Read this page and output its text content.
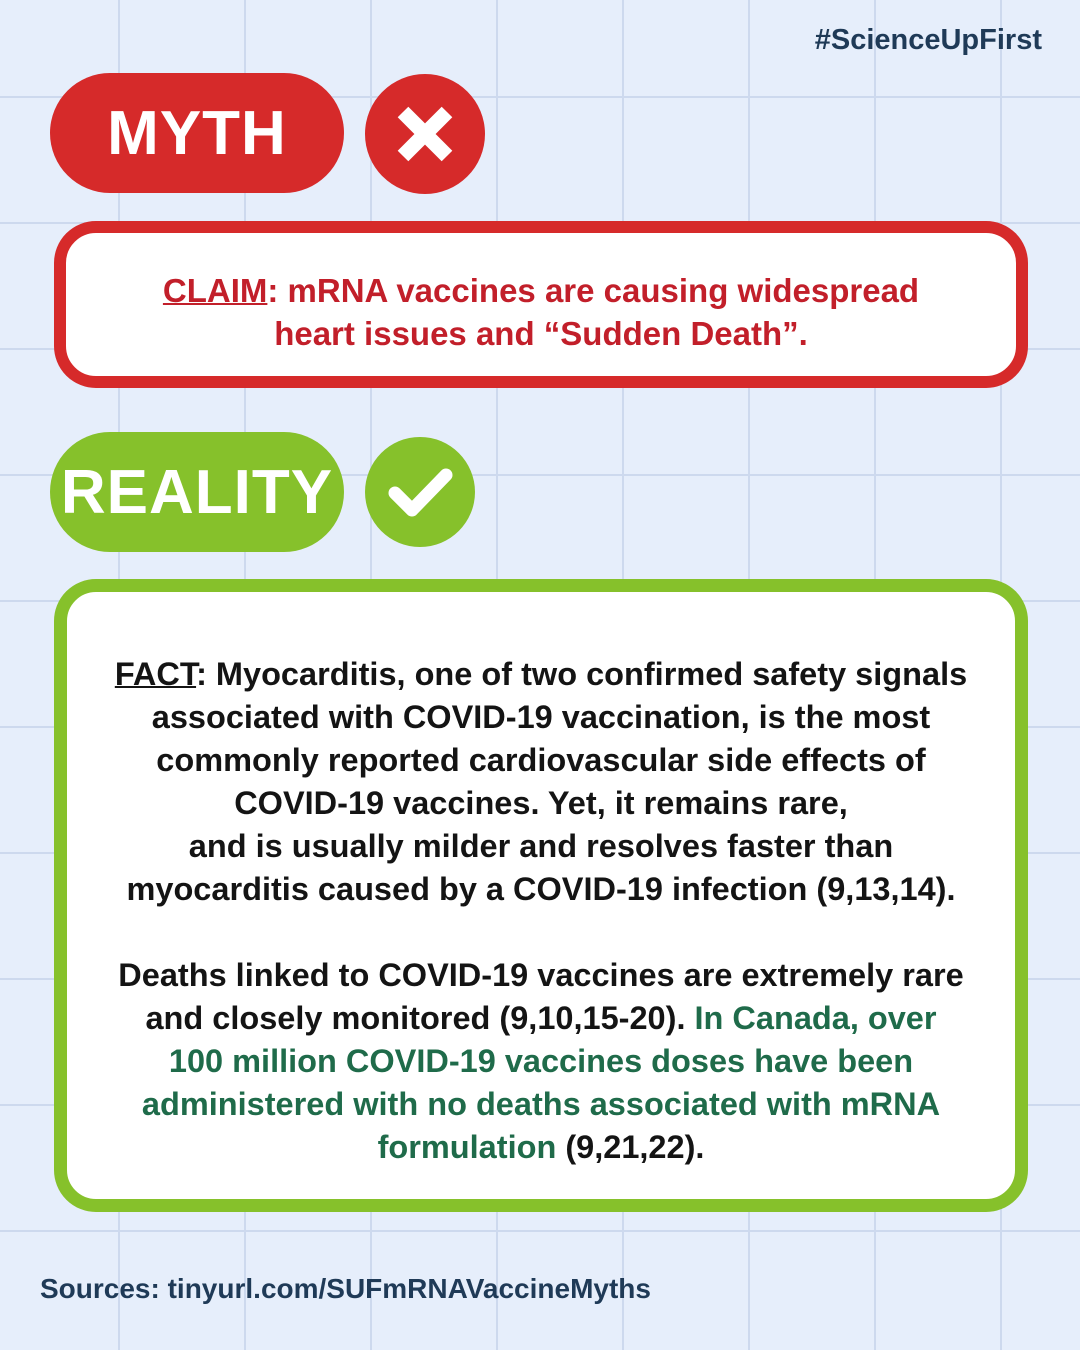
#ScienceUpFirst
MYTH
CLAIM: mRNA vaccines are causing widespread
heart issues and “Sudden Death”.
REALITY
FACT: Myocarditis, one of two confirmed safety signals
associated with COVID-19 vaccination, is the most
commonly reported cardiovascular side effects of
COVID-19 vaccines. Yet, it remains rare,
and is usually milder and resolves faster than
myocarditis caused by a COVID-19 infection (9,13,14).
Deaths linked to COVID-19 vaccines are extremely rare
and closely monitored (9,10,15-20). In Canada, over
100 million COVID-19 vaccines doses have been
administered with no deaths associated with mRNA
formulation (9,21,22).
Sources: tinyurl.com/SUFmRNAVaccineMyths
